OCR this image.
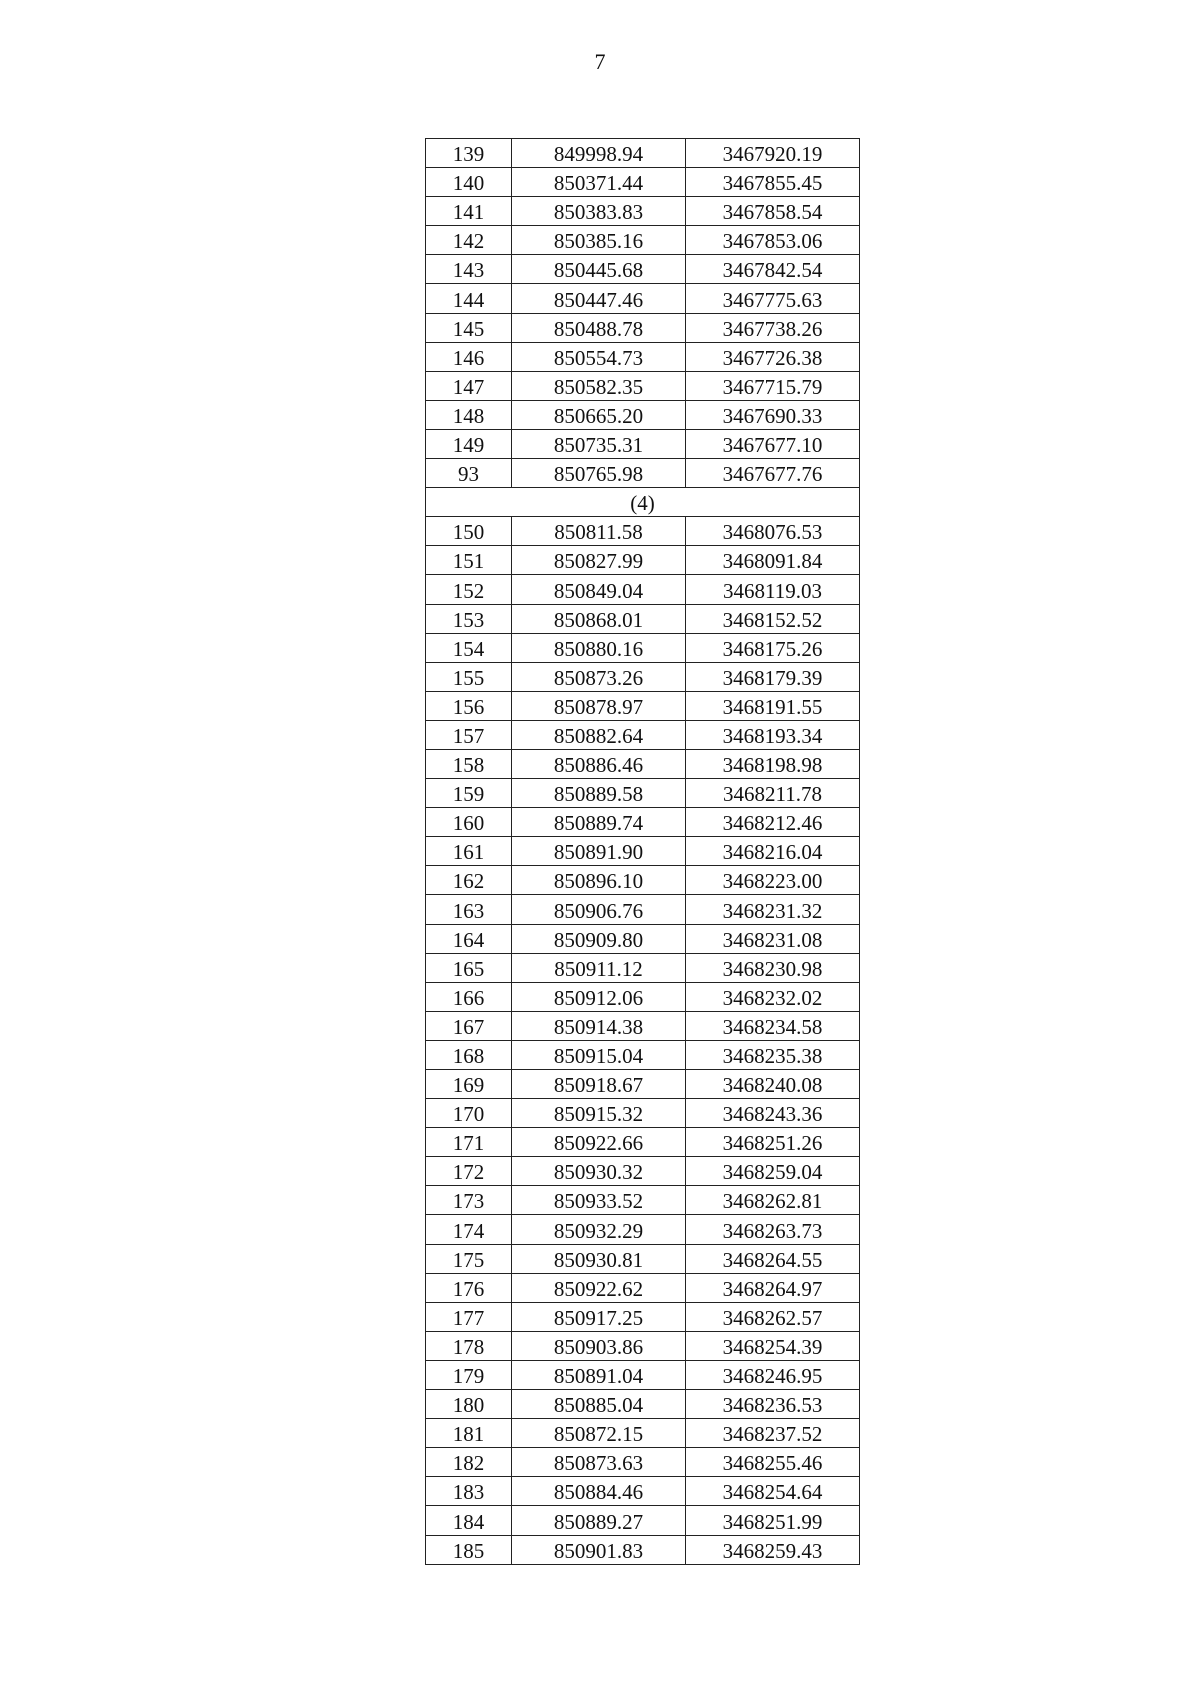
7
139	849998.94	3467920.19
140	850371.44	3467855.45
141	850383.83	3467858.54
142	850385.16	3467853.06
143	850445.68	3467842.54
144	850447.46	3467775.63
145	850488.78	3467738.26
146	850554.73	3467726.38
147	850582.35	3467715.79
148	850665.20	3467690.33
149	850735.31	3467677.10
93	850765.98	3467677.76
(4)		
150	850811.58	3468076.53
151	850827.99	3468091.84
152	850849.04	3468119.03
153	850868.01	3468152.52
154	850880.16	3468175.26
155	850873.26	3468179.39
156	850878.97	3468191.55
157	850882.64	3468193.34
158	850886.46	3468198.98
159	850889.58	3468211.78
160	850889.74	3468212.46
161	850891.90	3468216.04
162	850896.10	3468223.00
163	850906.76	3468231.32
164	850909.80	3468231.08
165	850911.12	3468230.98
166	850912.06	3468232.02
167	850914.38	3468234.58
168	850915.04	3468235.38
169	850918.67	3468240.08
170	850915.32	3468243.36
171	850922.66	3468251.26
172	850930.32	3468259.04
173	850933.52	3468262.81
174	850932.29	3468263.73
175	850930.81	3468264.55
176	850922.62	3468264.97
177	850917.25	3468262.57
178	850903.86	3468254.39
179	850891.04	3468246.95
180	850885.04	3468236.53
181	850872.15	3468237.52
182	850873.63	3468255.46
183	850884.46	3468254.64
184	850889.27	3468251.99
185	850901.83	3468259.43
